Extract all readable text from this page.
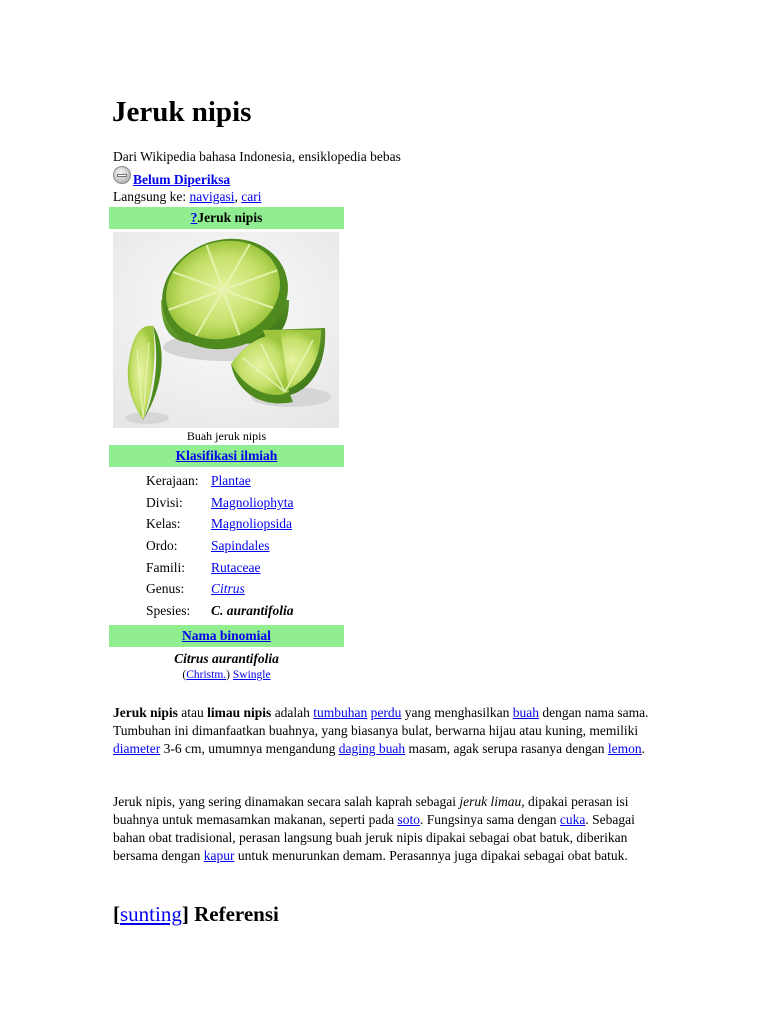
Jeruk nipis
Dari Wikipedia bahasa Indonesia, ensiklopedia bebas
Belum Diperiksa
Langsung ke: navigasi, cari
?Jeruk nipis
Buah jeruk nipis
Klasifikasi ilmiah
Kerajaan: Plantae
Divisi: Magnoliophyta
Kelas: Magnoliopsida
Ordo: Sapindales
Famili: Rutaceae
Genus: Citrus
Spesies: C. aurantifolia
Nama binomial
Citrus aurantifolia
(Christm.) Swingle

Jeruk nipis atau limau nipis adalah tumbuhan perdu yang menghasilkan buah dengan nama sama. Tumbuhan ini dimanfaatkan buahnya, yang biasanya bulat, berwarna hijau atau kuning, memiliki diameter 3-6 cm, umumnya mengandung daging buah masam, agak serupa rasanya dengan lemon.

Jeruk nipis, yang sering dinamakan secara salah kaprah sebagai jeruk limau, dipakai perasan isi buahnya untuk memasamkan makanan, seperti pada soto. Fungsinya sama dengan cuka. Sebagai bahan obat tradisional, perasan langsung buah jeruk nipis dipakai sebagai obat batuk, diberikan bersama dengan kapur untuk menurunkan demam. Perasannya juga dipakai sebagai obat batuk.

[sunting] Referensi
